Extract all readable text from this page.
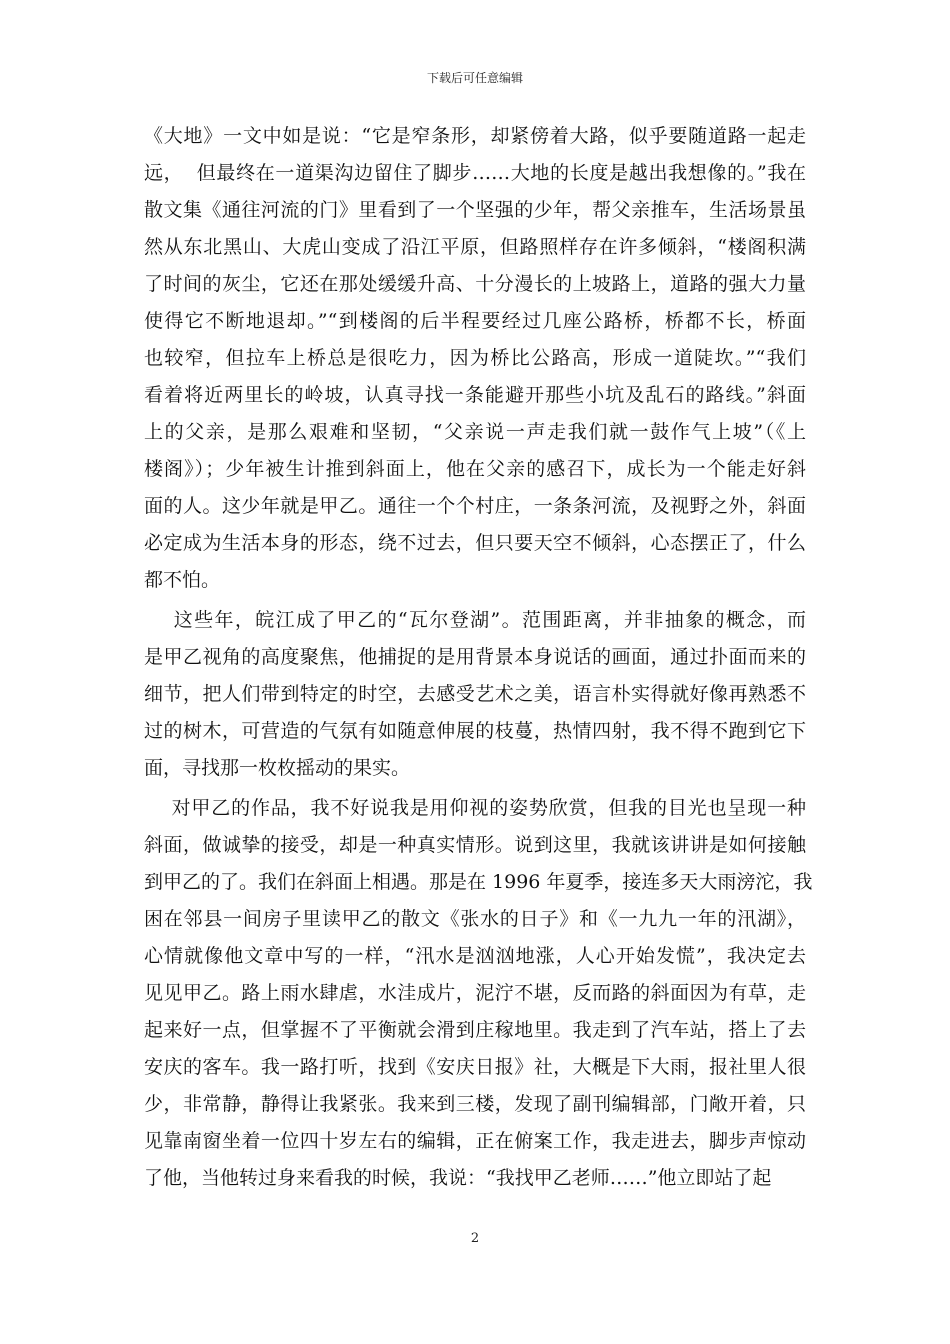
下载后可任意编辑
《大地》一文中如是说：“它是窄条形，却紧傍着大路，似乎要随道路一起走
远，  但最终在一道渠沟边留住了脚步……大地的长度是越出我想像的。”我在
散文集《通往河流的门》里看到了一个坚强的少年，帮父亲推车，生活场景虽
然从东北黑山、大虎山变成了沿江平原，但路照样存在许多倾斜，“楼阁积满
了时间的灰尘，它还在那处缓缓升高、十分漫长的上坡路上，道路的强大力量
使得它不断地退却。”“到楼阁的后半程要经过几座公路桥，桥都不长，桥面
也较窄，但拉车上桥总是很吃力，因为桥比公路高，形成一道陡坎。”“我们
看着将近两里长的岭坡，认真寻找一条能避开那些小坑及乱石的路线。”斜面
上的父亲，是那么艰难和坚韧，“父亲说一声走我们就一鼓作气上坡”（《上
楼阁》）；少年被生计推到斜面上，他在父亲的感召下，成长为一个能走好斜
面的人。这少年就是甲乙。通往一个个村庄，一条条河流，及视野之外，斜面
必定成为生活本身的形态，绕不过去，但只要天空不倾斜，心态摆正了，什么
都不怕。
这些年，皖江成了甲乙的“瓦尔登湖”。范围距离，并非抽象的概念，而
是甲乙视角的高度聚焦，他捕捉的是用背景本身说话的画面，通过扑面而来的
细节，把人们带到特定的时空，去感受艺术之美，语言朴实得就好像再熟悉不
过的树木，可营造的气氛有如随意伸展的枝蔓，热情四射，我不得不跑到它下
面，寻找那一枚枚摇动的果实。
对甲乙的作品，我不好说我是用仰视的姿势欣赏，但我的目光也呈现一种
斜面，做诚挚的接受，却是一种真实情形。说到这里，我就该讲讲是如何接触
到甲乙的了。我们在斜面上相遇。那是在 1996 年夏季，接连多天大雨滂沱，我
困在邻县一间房子里读甲乙的散文《张水的日子》和《一九九一年的汛湖》，
心情就像他文章中写的一样，“汛水是汹汹地涨，人心开始发慌”，我决定去
见见甲乙。路上雨水肆虐，水洼成片，泥泞不堪，反而路的斜面因为有草，走
起来好一点，但掌握不了平衡就会滑到庄稼地里。我走到了汽车站，搭上了去
安庆的客车。我一路打听，找到《安庆日报》社，大概是下大雨，报社里人很
少，非常静，静得让我紧张。我来到三楼，发现了副刊编辑部，门敞开着，只
见靠南窗坐着一位四十岁左右的编辑，正在俯案工作，我走进去，脚步声惊动
了他，当他转过身来看我的时候，我说：“我找甲乙老师……”他立即站了起
2
